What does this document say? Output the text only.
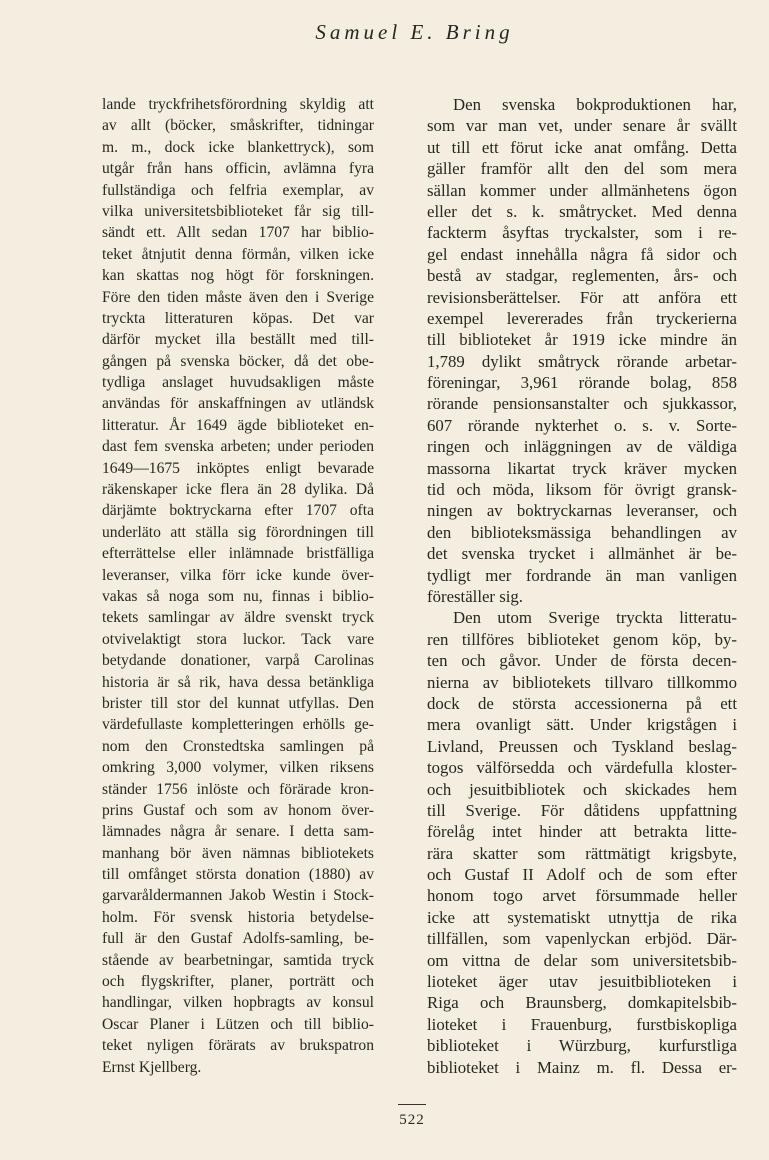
Samuel E. Bring
lande tryckfrihetsförordning skyldig att
av allt (böcker, småskrifter, tidningar
m. m., dock icke blankettryck), som
utgår från hans officin, avlämna fyra
fullständiga och felfria exemplar, av
vilka universitetsbiblioteket får sig till-
sändt ett. Allt sedan 1707 har biblio-
teket åtnjutit denna förmån, vilken icke
kan skattas nog högt för forskningen.
Före den tiden måste även den i Sverige
tryckta litteraturen köpas. Det var
därför mycket illa beställt med till-
gången på svenska böcker, då det obe-
tydliga anslaget huvudsakligen måste
användas för anskaffningen av utländsk
litteratur. År 1649 ägde biblioteket en-
dast fem svenska arbeten; under perioden
1649—1675 inköptes enligt bevarade
räkenskaper icke flera än 28 dylika. Då
därjämte boktryckarna efter 1707 ofta
underläto att ställa sig förordningen till
efterrättelse eller inlämnade bristfälliga
leveranser, vilka förr icke kunde över-
vakas så noga som nu, finnas i biblio-
tekets samlingar av äldre svenskt tryck
otvivelaktigt stora luckor. Tack vare
betydande donationer, varpå Carolinas
historia är så rik, hava dessa betänkliga
brister till stor del kunnat utfyllas. Den
värdefullaste kompletteringen erhölls ge-
nom den Cronstedtska samlingen på
omkring 3,000 volymer, vilken riksens
ständer 1756 inlöste och förärade kron-
prins Gustaf och som av honom över-
lämnades några år senare. I detta sam-
manhang bör även nämnas bibliotekets
till omfånget största donation (1880) av
garvaråldermannen Jakob Westin i Stock-
holm. För svensk historia betydelse-
full är den Gustaf Adolfs-samling, be-
stående av bearbetningar, samtida tryck
och flygskrifter, planer, porträtt och
handlingar, vilken hopbragts av konsul
Oscar Planer i Lützen och till biblio-
teket nyligen förärats av brukspatron
Ernst Kjellberg.
Den svenska bokproduktionen har,
som var man vet, under senare år svällt
ut till ett förut icke anat omfång. Detta
gäller framför allt den del som mera
sällan kommer under allmänhetens ögon
eller det s. k. småtrycket. Med denna
fackterm åsyftas tryckalster, som i re-
gel endast innehålla några få sidor och
bestå av stadgar, reglementen, års- och
revisionsberättelser. För att anföra ett
exempel levererades från tryckerierna
till biblioteket år 1919 icke mindre än
1,789 dylikt småtryck rörande arbetar-
föreningar, 3,961 rörande bolag, 858
rörande pensionsanstalter och sjukkassor,
607 rörande nykterhet o. s. v. Sorte-
ringen och inläggningen av de väldiga
massorna likartat tryck kräver mycken
tid och möda, liksom för övrigt gransk-
ningen av boktryckarnas leveranser, och
den biblioteksmässiga behandlingen av
det svenska trycket i allmänhet är be-
tydligt mer fordrande än man vanligen
föreställer sig.
Den utom Sverige tryckta litteratu-
ren tillföres biblioteket genom köp, by-
ten och gåvor. Under de första decen-
nierna av bibliotekets tillvaro tillkommo
dock de största accessionerna på ett
mera ovanligt sätt. Under krigstågen i
Livland, Preussen och Tyskland beslag-
togos välförsedda och värdefulla kloster-
och jesuitbibliotek och skickades hem
till Sverige. För dåtidens uppfattning
förelåg intet hinder att betrakta litte-
rära skatter som rättmätigt krigsbyte,
och Gustaf II Adolf och de som efter
honom togo arvet försummade heller
icke att systematiskt utnyttja de rika
tillfällen, som vapenlyckan erbjöd. Där-
om vittna de delar som universitetsbib-
lioteket äger utav jesuitbiblioteken i
Riga och Braunsberg, domkapitelsbib-
lioteket i Frauenburg, furstbiskopliga
biblioteket i Würzburg, kurfurstliga
biblioteket i Mainz m. fl. Dessa er-
522
